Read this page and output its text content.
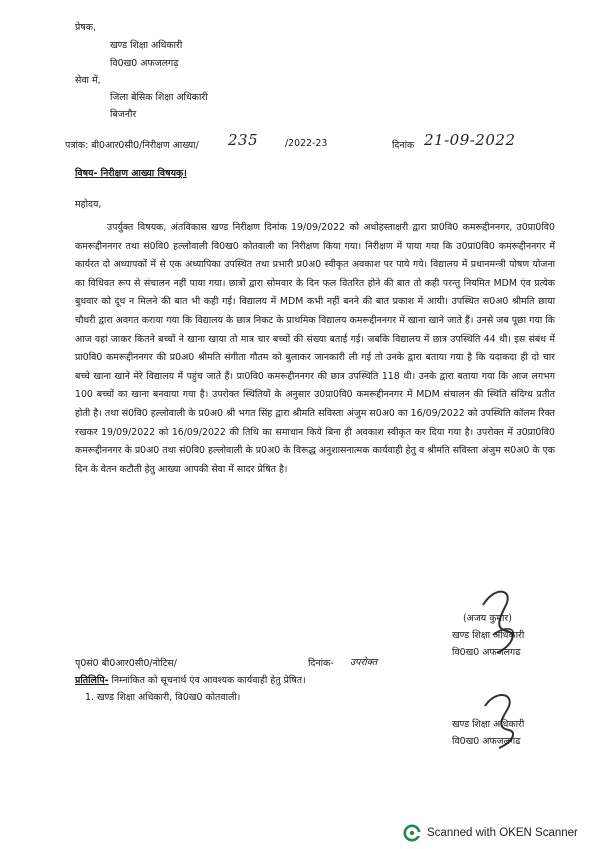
प्रेषक,
खण्ड शिक्षा अधिकारी
वि0ख0 अफजलगढ़
सेवा में,
जिला बेसिक शिक्षा अधिकारी
बिजनौर
पत्रांक: बी0आर0सी0/निरीक्षण आख्या/ 235	/2022-23	दिनांक 21-09-2022
विषय- निरीक्षण आख्या विषयक्।
महोदय,
उपर्युक्त विषयक, अंतविकास खण्ड निरीक्षण दिनांक 19/09/2022 को अधोहस्ताक्षरी द्वारा प्रा0वि0 कमरूद्दीननगर, उ0प्रा0वि0 कमरूद्दीननगर तथा सं0वि0 हल्लोवाली वि0ख0 कोतवाली का निरीक्षण किया गया। निरीक्षण में पाया गया कि उ0प्रा0वि0 कमरूद्दीननगर में कार्यरत दो अध्यापकों में से एक अध्यापिका उपस्थित तथा प्रभारी प्र0अ0 स्वीकृत अवकाश पर पाये गये। विद्यालय में प्रधानमन्त्री पोषण योजना का विधिवत रूप से संचालन नहीं पाया गया। छात्रों द्वारा सोमवार के दिन फल वितरित होने की बात तो कही परन्तु नियमित MDM एंव प्रत्येक बुधवार को दूध न मिलने की बात भी कही गई। विद्यालय में MDM कभी नहीं बनने की बात प्रकाश में आयी। उपस्थित स0अ0 श्रीमति छाया चौधरी द्वारा अवगत कराया गया कि विद्यालय के छात्र निकट के प्राथमिक विद्यालय कमरूद्दीननगर में खाना खाने जाते हैं। उनसे जब पूछा गया कि आज वहां जाकर कितने बच्चों ने खाना खाया तो मात्र चार बच्चों की संख्या बताई गई। जबकि विद्यालय में छात्र उपस्थिति 44 थी। इस संबंध में प्रा0वि0 कमरूद्दीननगर की प्र0अ0 श्रीमति संगीता गौतम को बुलाकर जानकारी ली गई तो उनके द्वारा बताया गया है कि यदाकदा ही दो चार बच्चे खाना खाने मेरे विद्यालय में पहुंच जाते हैं। प्रा0वि0 कमरूद्दीननगर की छात्र उपस्थिति 118 थी। उनके द्वारा बताया गया कि आज लगभग 100 बच्चों का खाना बनवाया गया है। उपरोक्त स्थितियों के अनुसार उ0प्रा0वि0 कमरूद्दीननगर में MDM संचालन की स्थिति संदिग्ध प्रतीत होती है। तथा सं0वि0 हल्लोवाली के प्र0अ0 श्री भगत सिंह द्वारा श्रीमति सविस्ता अंजुम स0अ0 का 16/09/2022 को उपस्थिति कॉलम रिक्त रखकर 19/09/2022 को 16/09/2022 की तिथि का समाधान किये बिना ही अवकाश स्वीकृत कर दिया गया है। उपरोक्त में उ0प्रा0वि0 कमरूद्दीननगर के प्र0अ0 तथा सं0वि0 हल्लोवाली के प्र0अ0 के विरूद्ध अनुशासनात्मक कार्यवाही हेतु व श्रीमति सविस्ता अंजुम स0अ0 के एक दिन के वेतन कटौती हेतु आख्या आपकी सेवा में सादर प्रेषित है।
(अजय कुमार)
खण्ड शिक्षा अधिकारी
वि0ख0 अफजलगढ
पृ0सं0 बी0आर0सी0/नोटिस/	दिनांक- उपरोक्त
प्रतिलिपि- निम्नांकित को सूचनार्थ एंव आवश्यक कार्यवाही हेतु प्रेषित।
1. खण्ड शिक्षा अधिकारी, वि0ख0 कोतवाली।
खण्ड शिक्षा अधिकारी
वि0ख0 अफजलगढ
Scanned with OKEN Scanner
